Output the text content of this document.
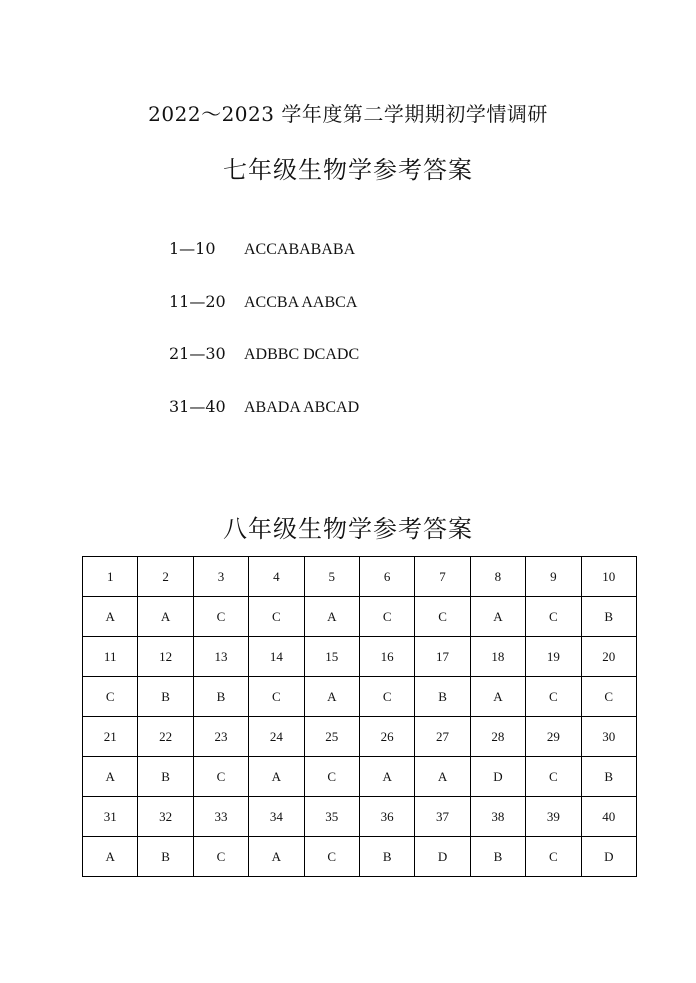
2022～2023 学年度第二学期期初学情调研
七年级生物学参考答案
1—10 ACCABABABA
11—20 ACCBA AABCA
21—30 ADBBC DCADC
31—40 ABADA ABCAD
八年级生物学参考答案
1	2	3	4	5	6	7	8	9	10
A	A	C	C	A	C	C	A	C	B
11	12	13	14	15	16	17	18	19	20
C	B	B	C	A	C	B	A	C	C
21	22	23	24	25	26	27	28	29	30
A	B	C	A	C	A	A	D	C	B
31	32	33	34	35	36	37	38	39	40
A	B	C	A	C	B	D	B	C	D
